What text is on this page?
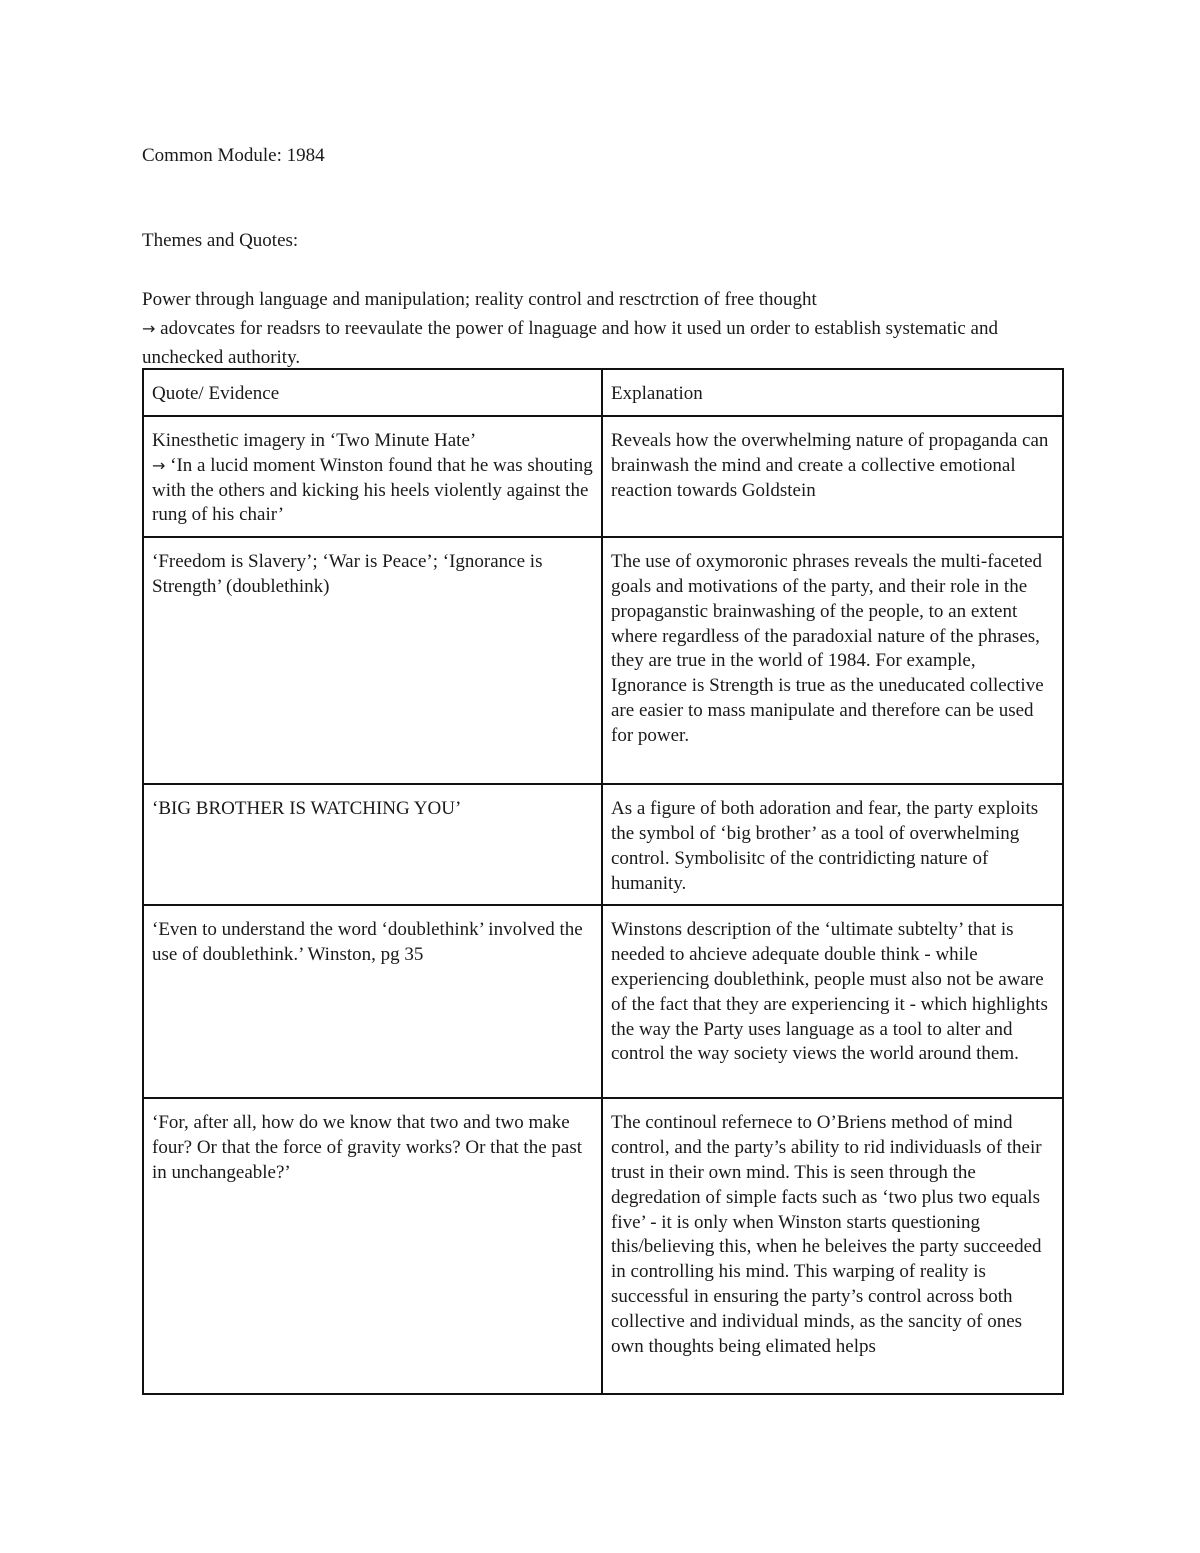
Common Module: 1984
Themes and Quotes:

Power through language and manipulation; reality control and resctrction of free thought

→ adovcates for readsrs to reevaulate the power of lnaguage and how it used un order to establish systematic and unchecked authority.

Quote/ Evidence	Explanation

Kinesthetic imagery in ‘Two Minute Hate’
→ ‘In a lucid moment Winston found that he was shouting with the others and kicking his heels violently against the rung of his chair’	Reveals how the overwhelming nature of propaganda can brainwash the mind and create a collective emotional reaction towards Goldstein

‘Freedom is Slavery’; ‘War is Peace’; ‘Ignorance is Strength’ (doublethink)	The use of oxymoronic phrases reveals the multi-faceted goals and motivations of the party, and their role in the propaganstic brainwashing of the people, to an extent where regardless of the paradoxial nature of the phrases, they are true in the world of 1984. For example, Ignorance is Strength is true as the uneducated collective are easier to mass manipulate and therefore can be used for power.

‘BIG BROTHER IS WATCHING YOU’	As a figure of both adoration and fear, the party exploits the symbol of ‘big brother’ as a tool of overwhelming control. Symbolisitc of the contridicting nature of humanity.

‘Even to understand the word ‘doublethink’ involved the use of doublethink.’ Winston, pg 35	Winstons description of the ‘ultimate subtelty’ that is needed to ahcieve adequate double think - while experiencing doublethink, people must also not be aware of the fact that they are experiencing it - which highlights the way the Party uses language as a tool to alter and control the way society views the world around them.

‘For, after all, how do we know that two and two make four? Or that the force of gravity works? Or that the past in unchangeable?’	The continoul refernece to O’Briens method of mind control, and the party’s ability to rid individuasls of their trust in their own mind. This is seen through the degredation of simple facts such as ‘two plus two equals five’ - it is only when Winston starts questioning this/believing this, when he beleives the party succeeded in controlling his mind. This warping of reality is successful in ensuring the party’s control across both collective and individual minds, as the sancity of ones own thoughts being elimated helps
